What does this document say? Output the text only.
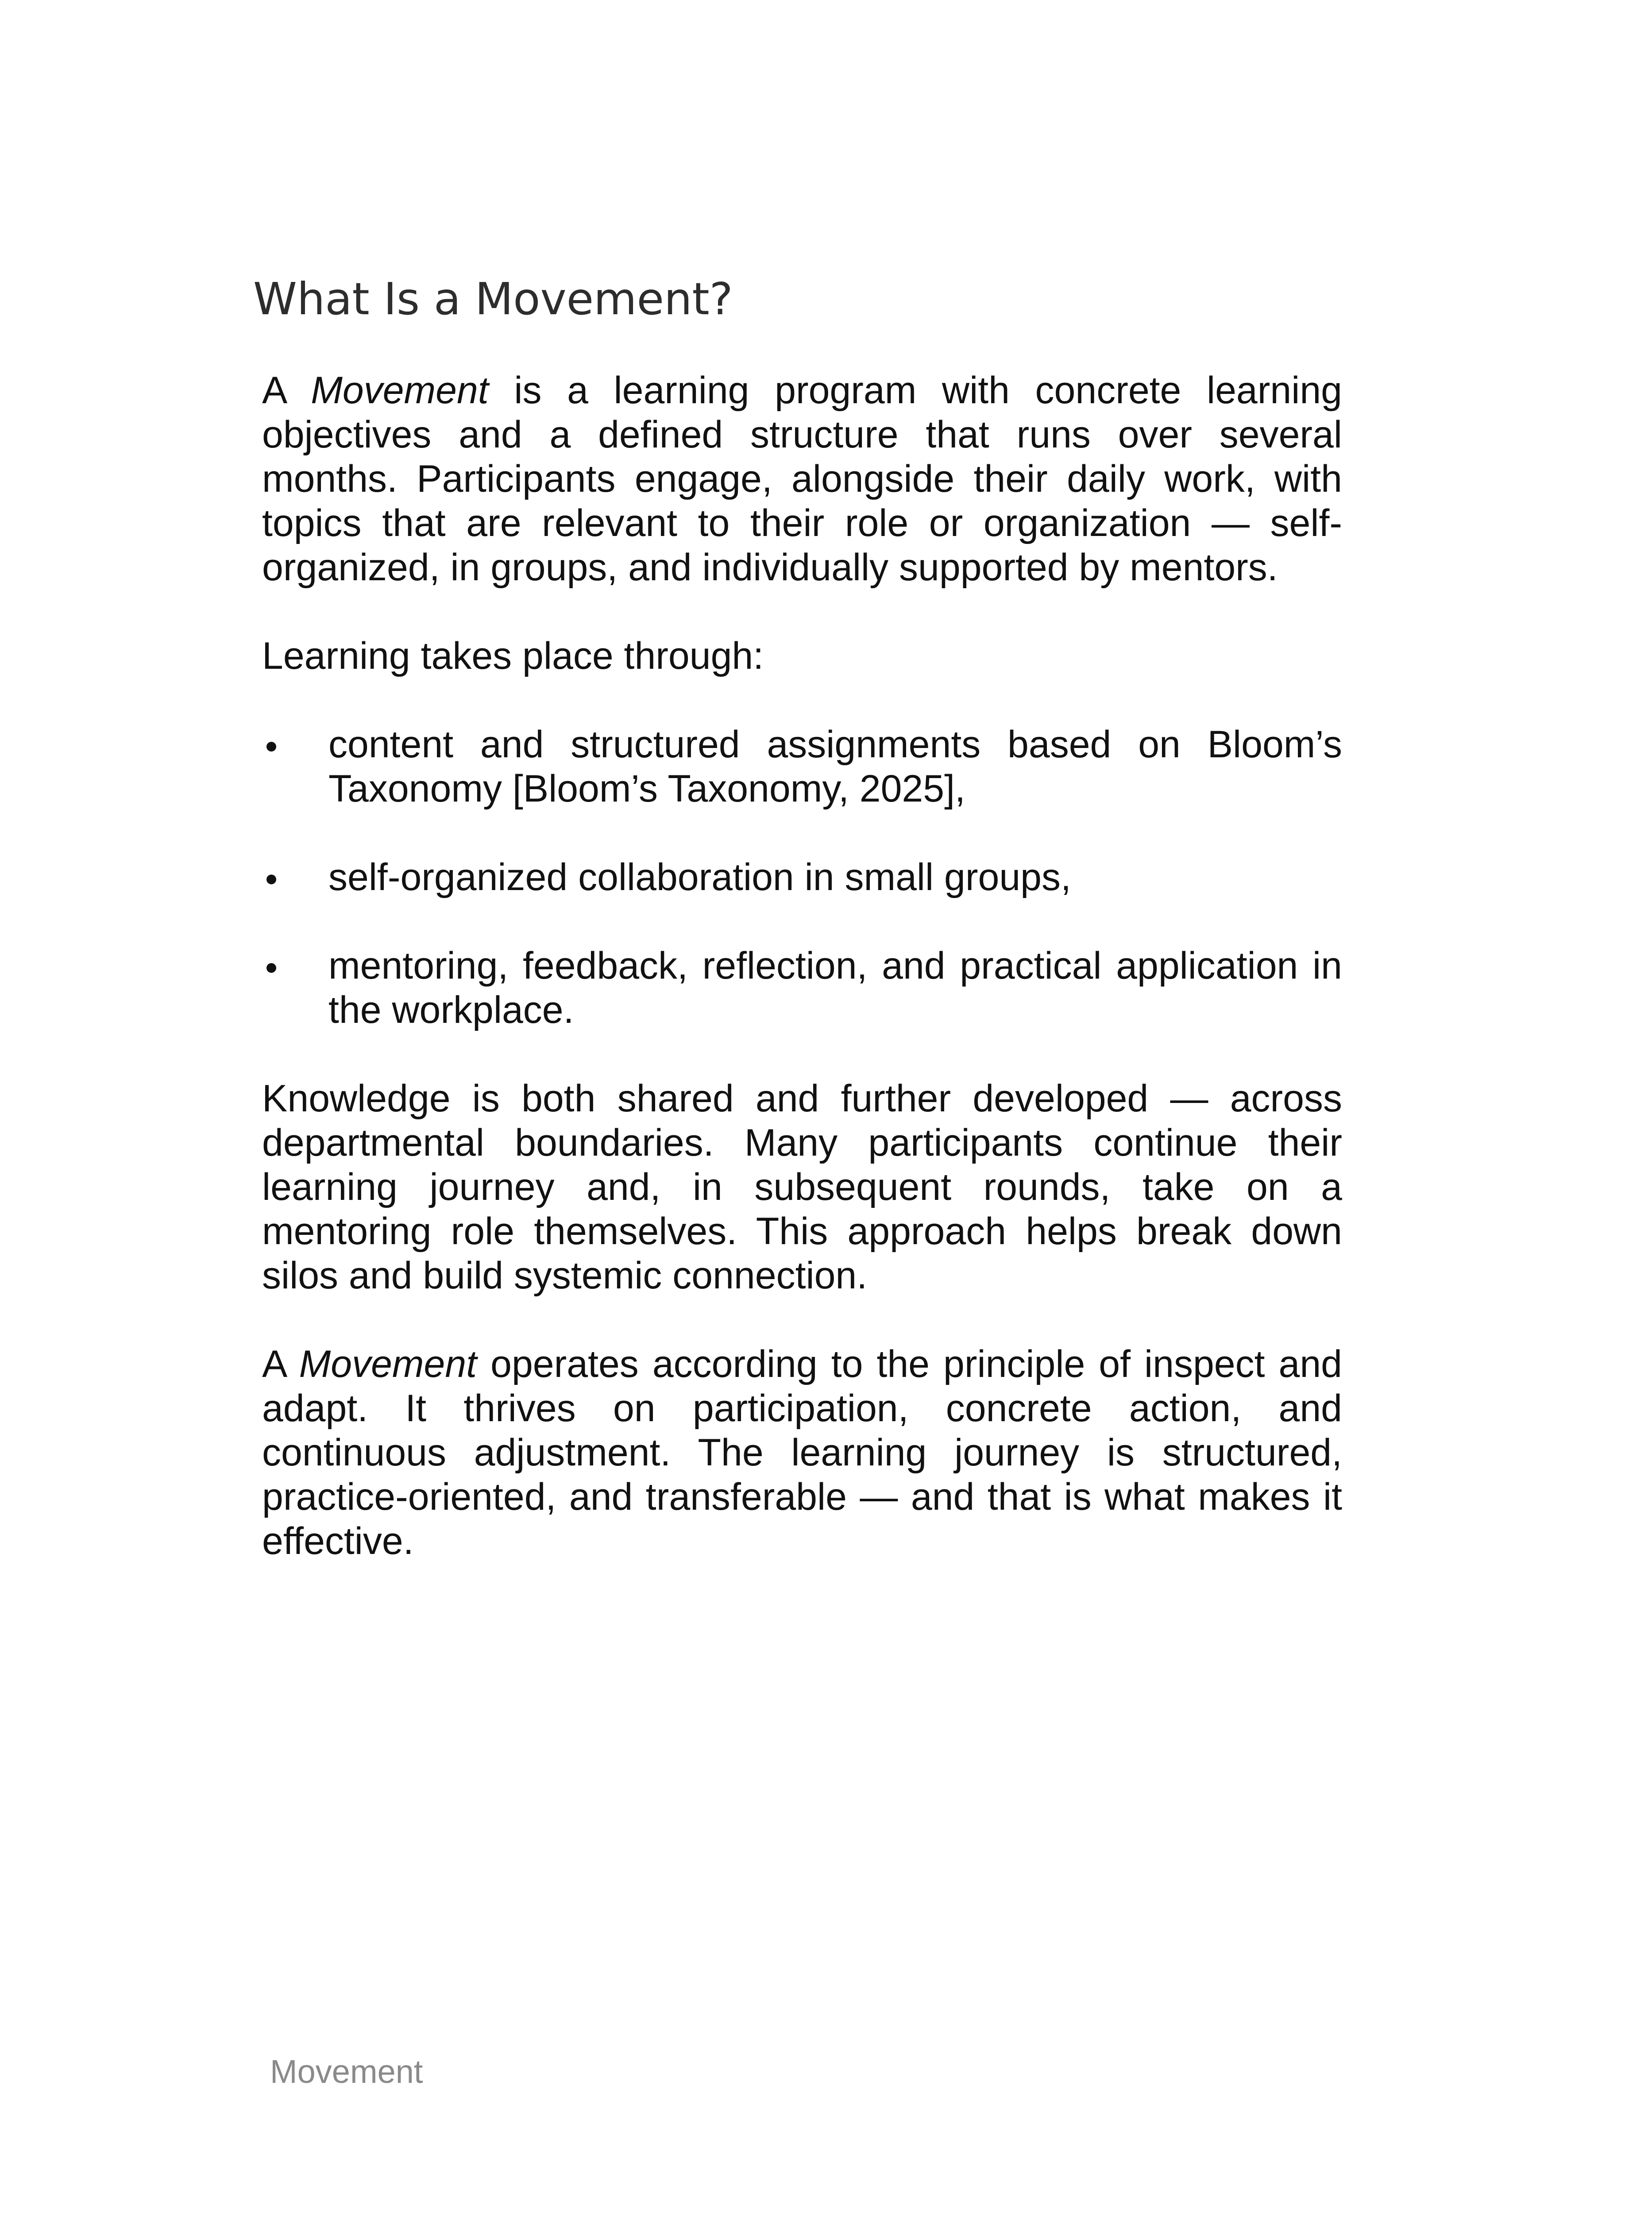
What Is a Movement?

A Movement is a learning program with concrete learning objectives and a defined structure that runs over several months. Participants engage, alongside their daily work, with topics that are relevant to their role or organization — self-organized, in groups, and individually supported by mentors.

Learning takes place through:

content and structured assignments based on Bloom’s Taxonomy [Bloom’s Taxonomy, 2025],
self-organized collaboration in small groups,
mentoring, feedback, reflection, and practical application in the workplace.

Knowledge is both shared and further developed — across departmental boundaries. Many participants continue their learning journey and, in subsequent rounds, take on a mentoring role themselves. This approach helps break down silos and build systemic connection.

A Movement operates according to the principle of inspect and adapt. It thrives on participation, concrete action, and continuous adjustment. The learning journey is structured, practice-oriented, and transferable — and that is what makes it effective.

Movement
